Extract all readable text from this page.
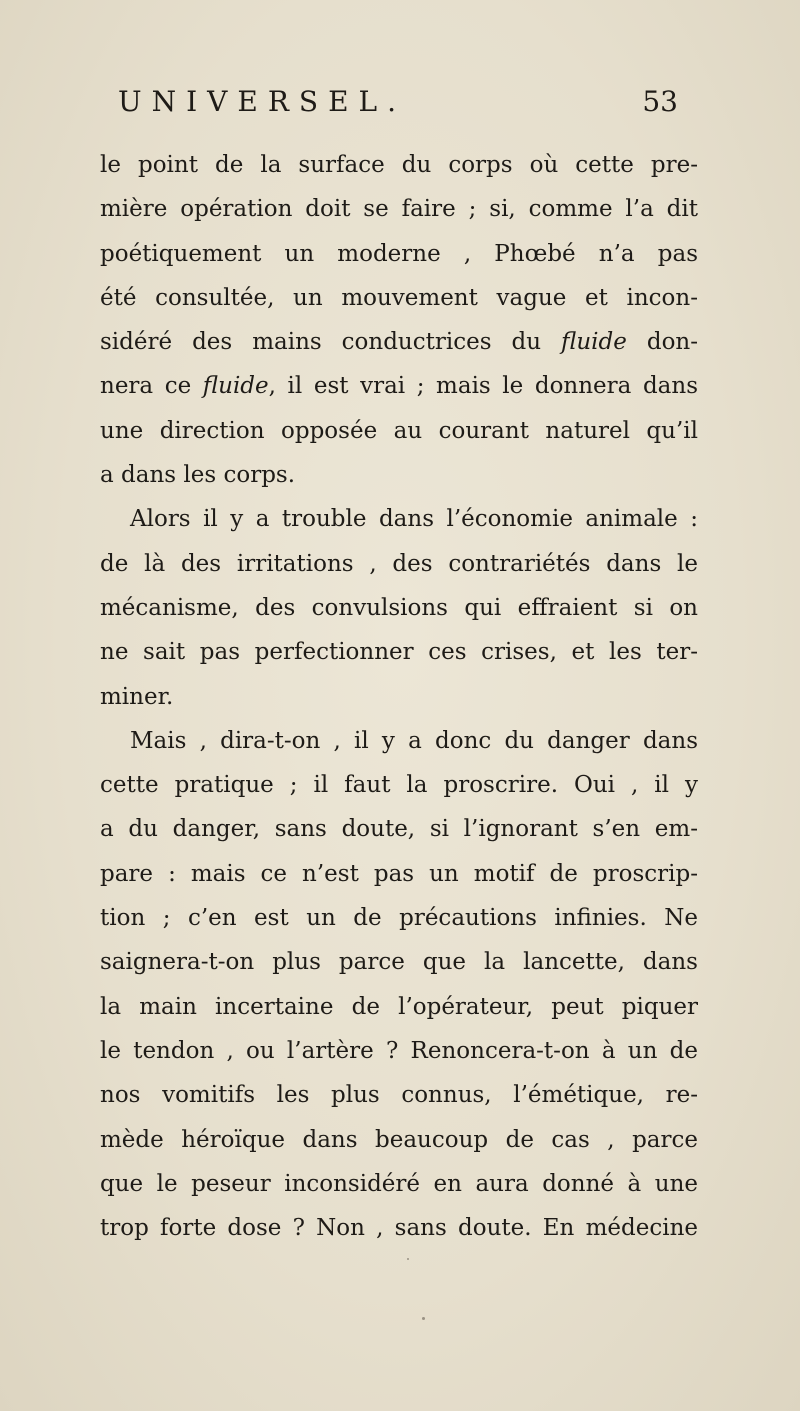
UNIVERSEL.	53
le point de la surface du corps où cette pre-
mière opération doit se faire ; si, comme l’a dit
poétiquement un moderne , Phœbé n’a pas
été consultée, un mouvement vague et incon-
sidéré des mains conductrices du fluide don-
nera ce fluide, il est vrai ; mais le donnera dans
une direction opposée au courant naturel qu’il
a dans les corps.
Alors il y a trouble dans l’économie animale :
de là des irritations , des contrariétés dans le
mécanisme, des convulsions qui effraient si on
ne sait pas perfectionner ces crises, et les ter-
miner.
Mais , dira-t-on , il y a donc du danger dans
cette pratique ; il faut la proscrire. Oui , il y
a du danger, sans doute, si l’ignorant s’en em-
pare : mais ce n’est pas un motif de proscrip-
tion ; c’en est un de précautions infinies. Ne
saignera-t-on plus parce que la lancette, dans
la main incertaine de l’opérateur, peut piquer
le tendon , ou l’artère ? Renoncera-t-on à un de
nos vomitifs les plus connus, l’émétique, re-
mède héroïque dans beaucoup de cas , parce
que le peseur inconsidéré en aura donné à une
trop forte dose ? Non , sans doute. En médecine
